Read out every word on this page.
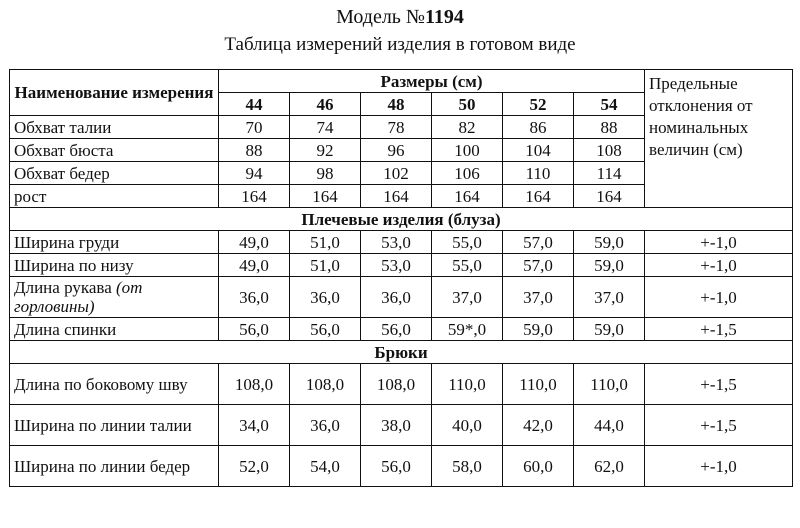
Модель №1194
Таблица измерений изделия в готовом виде
Наименование измерения	Размеры (см)						Предельные отклонения от номинальных величин (см)
	44	46	48	50	52	54	
Обхват талии	70	74	78	82	86	88	
Обхват бюста	88	92	96	100	104	108	
Обхват бедер	94	98	102	106	110	114	
рост	164	164	164	164	164	164	
Плечевые изделия (блуза)							
Ширина груди	49,0	51,0	53,0	55,0	57,0	59,0	+-1,0
Ширина по низу	49,0	51,0	53,0	55,0	57,0	59,0	+-1,0
Длина рукава (от горловины)	36,0	36,0	36,0	37,0	37,0	37,0	+-1,0
Длина спинки	56,0	56,0	56,0	59*,0	59,0	59,0	+-1,5
Брюки							
Длина по боковому шву	108,0	108,0	108,0	110,0	110,0	110,0	+-1,5
Ширина по линии талии	34,0	36,0	38,0	40,0	42,0	44,0	+-1,5
Ширина по линии бедер	52,0	54,0	56,0	58,0	60,0	62,0	+-1,0
